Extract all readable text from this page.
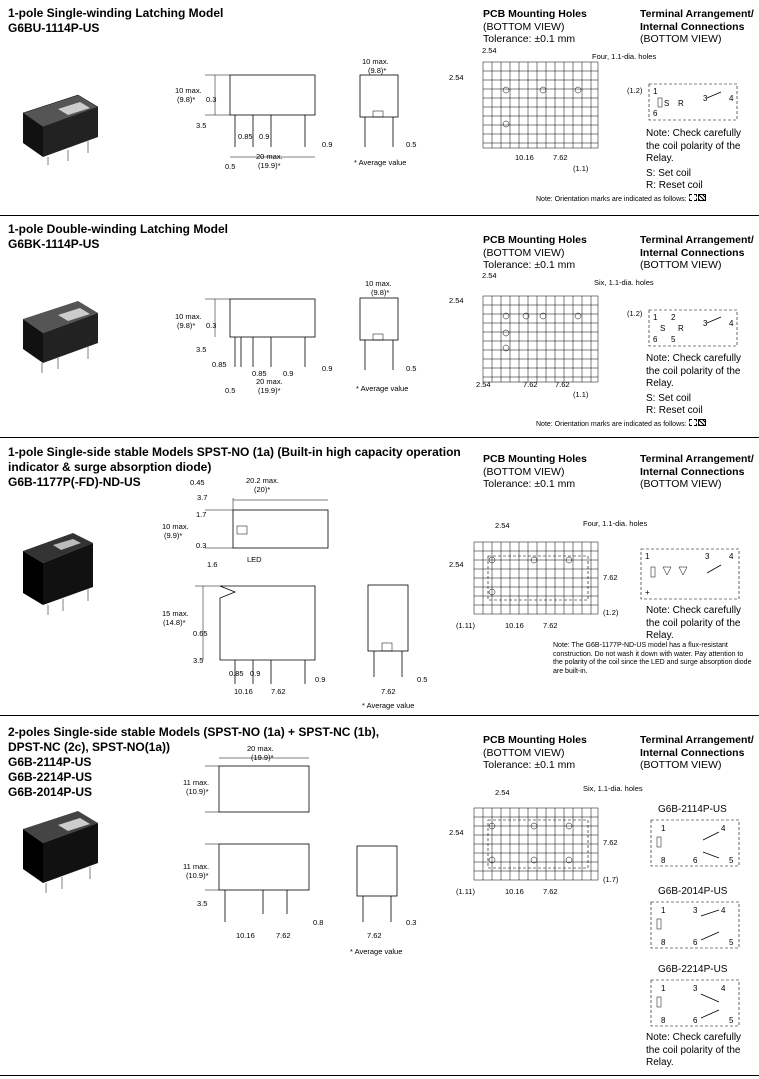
1-pole Single-winding Latching Model
G6BU-1114P-US
10 max.
(9.8)* 0.3
3.5
0.85 0.9
0.5
20 max.
(19.9)*
10 max.
(9.8)*
0.5
* Average value
0.9
PCB Mounting Holes
(BOTTOM VIEW)
Tolerance: ±0.1 mm
2.54
2.54
(1.2)
10.16	7.62
(1.1)
Four, 1.1-dia. holes
Terminal Arrangement/
Internal Connections
(BOTTOM VIEW)
1
6
S R
3	4
Note: Check carefully the coil polarity of the Relay.
S: Set coil
R: Reset coil
Note: Orientation marks are indicated as follows:
1-pole Double-winding Latching Model
G6BK-1114P-US
10 max.
(9.8)* 0.3
3.5
0.85
0.85 0.9
0.5
20 max.
(19.9)*
10 max.
(9.8)*
0.5
0.9
* Average value
PCB Mounting Holes
(BOTTOM VIEW)
Tolerance: ±0.1 mm
2.54
2.54
(1.2)
2.54	7.62 7.62
(1.1)
Six, 1.1-dia. holes
Terminal Arrangement/
Internal Connections
(BOTTOM VIEW)
1 2
6 5
S R
3	4
Note: Check carefully the coil polarity of the Relay.
S: Set coil
R: Reset coil
Note: Orientation marks are indicated as follows:
1-pole Single-side stable Models SPST-NO (1a) (Built-in high capacity operation
indicator & surge absorption diode)
G6B-1177P(-FD)-ND-US	0.45
3.7
20.2 max.
(20)*
1.7
10 max.
(9.9)*
0.3
1.6
LED
15 max.
(14.8)*
0.65
3.5
0.85 0.9
10.16 7.62
0.9
7.62
0.5
* Average value
PCB Mounting Holes
(BOTTOM VIEW)
Tolerance: ±0.1 mm
2.54
2.54
7.62
(1.2)
(1.11)	10.16	7.62
Four, 1.1-dia. holes
Terminal Arrangement/
Internal Connections
(BOTTOM VIEW)
1
+
3 4
Note: Check carefully the coil polarity of the Relay.
Note: The G6B-1177P-ND-US model has a flux-resistant construction. Do not wash it down with water. Pay attention to the polarity of the coil since the LED and surge absorption diode are built-in.
2-poles Single-side stable Models (SPST-NO (1a) + SPST-NC (1b),
DPST-NC (2c), SPST-NO(1a))
G6B-2114P-US
G6B-2214P-US
G6B-2014P-US
20 max.
(19.9)*
11 max.
(10.9)*
11 max.
(10.9)*
3.5
10.16	7.62
0.8
7.62
0.3
* Average value
PCB Mounting Holes
(BOTTOM VIEW)
Tolerance: ±0.1 mm
2.54
2.54
7.62
(1.7)
(1.11)	10.16	7.62
Six, 1.1-dia. holes
Terminal Arrangement/
Internal Connections
(BOTTOM VIEW)
G6B-2114P-US
1
8
4
6	5
G6B-2014P-US
1
8
3	4
6	5
G6B-2214P-US
1
8
3	4
6	5
Note: Check carefully the coil polarity of the Relay.
